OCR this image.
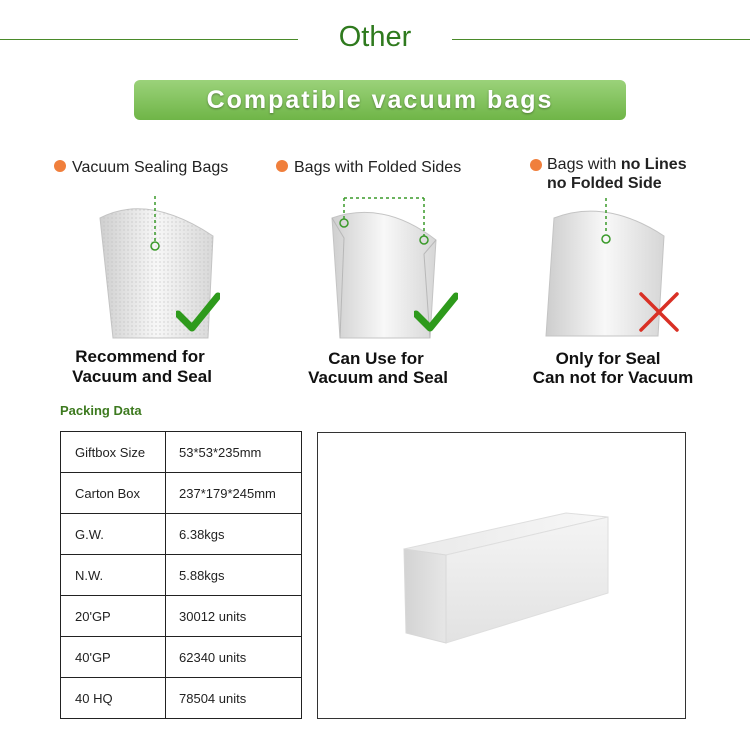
Other
Compatible vacuum bags
Vacuum Sealing Bags
Recommend for
Vacuum and Seal
Bags with Folded Sides
Can Use for
Vacuum and Seal
Bags with no Lines
no Folded Side
Only for Seal
Can not for Vacuum
Packing Data
Giftbox Size	53*53*235mm
Carton Box	237*179*245mm
G.W.	6.38kgs
N.W.	5.88kgs
20'GP	30012 units
40'GP	62340 units
40 HQ	78504 units
